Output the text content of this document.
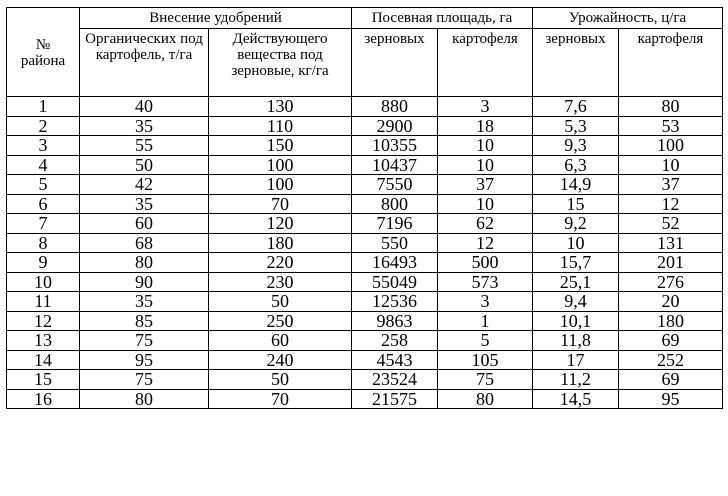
№
района	Внесение удобрений		Посевная площадь, га		Урожайность, ц/га	
	Органических под картофель, т/га	Действующего вещества под зерновые, кг/га	зерновых	картофеля	зерновых	картофеля
1	40	130	880	3	7,6	80
2	35	110	2900	18	5,3	53
3	55	150	10355	10	9,3	100
4	50	100	10437	10	6,3	10
5	42	100	7550	37	14,9	37
6	35	70	800	10	15	12
7	60	120	7196	62	9,2	52
8	68	180	550	12	10	131
9	80	220	16493	500	15,7	201
10	90	230	55049	573	25,1	276
11	35	50	12536	3	9,4	20
12	85	250	9863	1	10,1	180
13	75	60	258	5	11,8	69
14	95	240	4543	105	17	252
15	75	50	23524	75	11,2	69
16	80	70	21575	80	14,5	95
